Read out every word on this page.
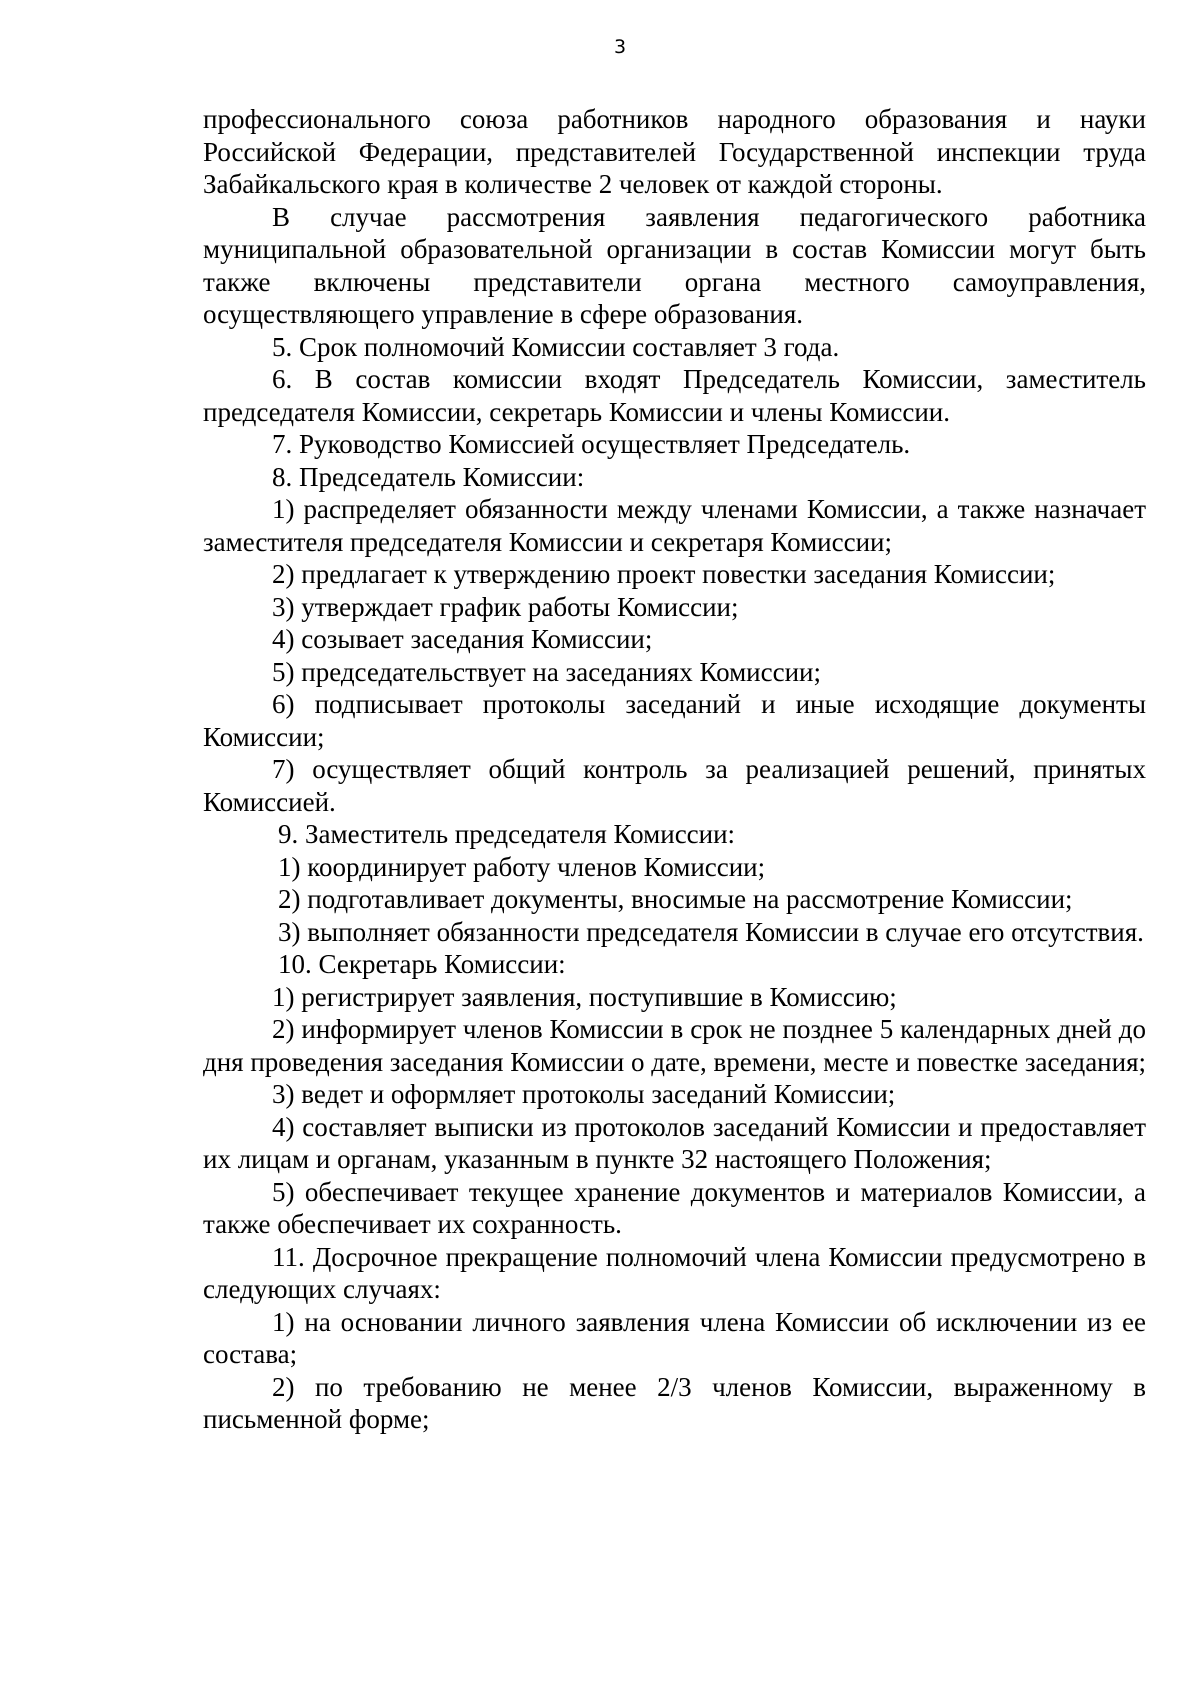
3

профессионального союза работников народного образования и науки Российской Федерации, представителей Государственной инспекции труда Забайкальского края в количестве 2 человек от каждой стороны.

В случае рассмотрения заявления педагогического работника муниципальной образовательной организации в состав Комиссии могут быть также включены представители органа местного самоуправления, осуществляющего управление в сфере образования.

5. Срок полномочий Комиссии составляет 3 года.

6. В состав комиссии входят Председатель Комиссии, заместитель председателя Комиссии, секретарь Комиссии и члены Комиссии.

7. Руководство Комиссией осуществляет Председатель.

8. Председатель Комиссии:

1) распределяет обязанности между членами Комиссии, а также назначает заместителя председателя Комиссии и секретаря Комиссии;

2) предлагает к утверждению проект повестки заседания Комиссии;

3) утверждает график работы Комиссии;

4) созывает заседания Комиссии;

5) председательствует на заседаниях Комиссии;

6) подписывает протоколы заседаний и иные исходящие документы Комиссии;

7) осуществляет общий контроль за реализацией решений, принятых Комиссией.

9. Заместитель председателя Комиссии:

1) координирует работу членов Комиссии;

2) подготавливает документы, вносимые на рассмотрение Комиссии;

3) выполняет обязанности председателя Комиссии в случае его отсутствия.

10. Секретарь Комиссии:

1) регистрирует заявления, поступившие в Комиссию;

2) информирует членов Комиссии в срок не позднее 5 календарных дней до дня проведения заседания Комиссии о дате, времени, месте и повестке заседания;

3) ведет и оформляет протоколы заседаний Комиссии;

4) составляет выписки из протоколов заседаний Комиссии и предоставляет их лицам и органам, указанным в пункте 32 настоящего Положения;

5) обеспечивает текущее хранение документов и материалов Комиссии, а также обеспечивает их сохранность.

11. Досрочное прекращение полномочий члена Комиссии предусмотрено в следующих случаях:

1) на основании личного заявления члена Комиссии об исключении из ее состава;

2) по требованию не менее 2/3 членов Комиссии, выраженному в письменной форме;
